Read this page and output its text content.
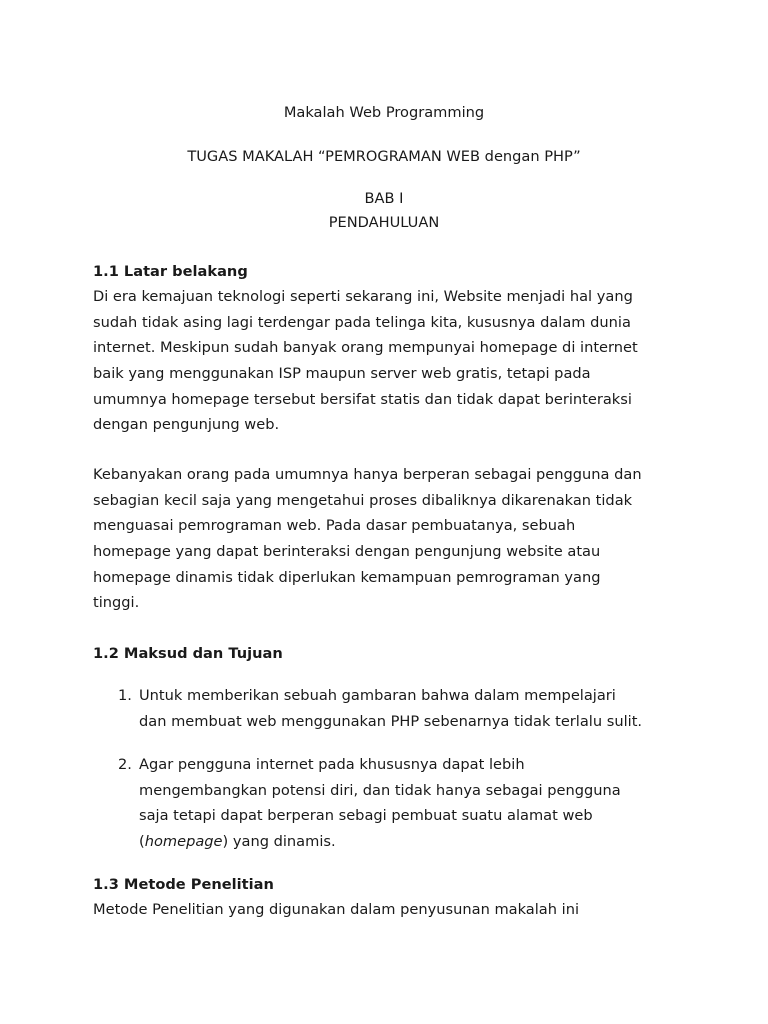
Makalah Web Programming
TUGAS MAKALAH “PEMROGRAMAN WEB dengan PHP”
BAB I
PENDAHULUAN
1.1 Latar belakang
Di era kemajuan teknologi seperti sekarang ini, Website menjadi hal yang
sudah tidak asing lagi terdengar pada telinga kita, kususnya dalam dunia
internet. Meskipun sudah banyak orang mempunyai homepage di internet
baik yang menggunakan ISP maupun server web gratis, tetapi pada
umumnya homepage tersebut bersifat statis dan tidak dapat berinteraksi
dengan pengunjung web.
Kebanyakan orang pada umumnya hanya berperan sebagai pengguna dan
sebagian kecil saja yang mengetahui proses dibaliknya dikarenakan tidak
menguasai pemrograman web. Pada dasar pembuatanya, sebuah
homepage yang dapat berinteraksi dengan pengunjung website atau
homepage dinamis tidak diperlukan kemampuan pemrograman yang
tinggi.
1.2 Maksud dan Tujuan
1. Untuk memberikan sebuah gambaran bahwa dalam mempelajari
dan membuat web menggunakan PHP sebenarnya tidak terlalu sulit.
2. Agar pengguna internet pada khususnya dapat lebih
mengembangkan potensi diri, dan tidak hanya sebagai pengguna
saja tetapi dapat berperan sebagi pembuat suatu alamat web
(homepage) yang dinamis.
1.3 Metode Penelitian
Metode Penelitian yang digunakan dalam penyusunan makalah ini
